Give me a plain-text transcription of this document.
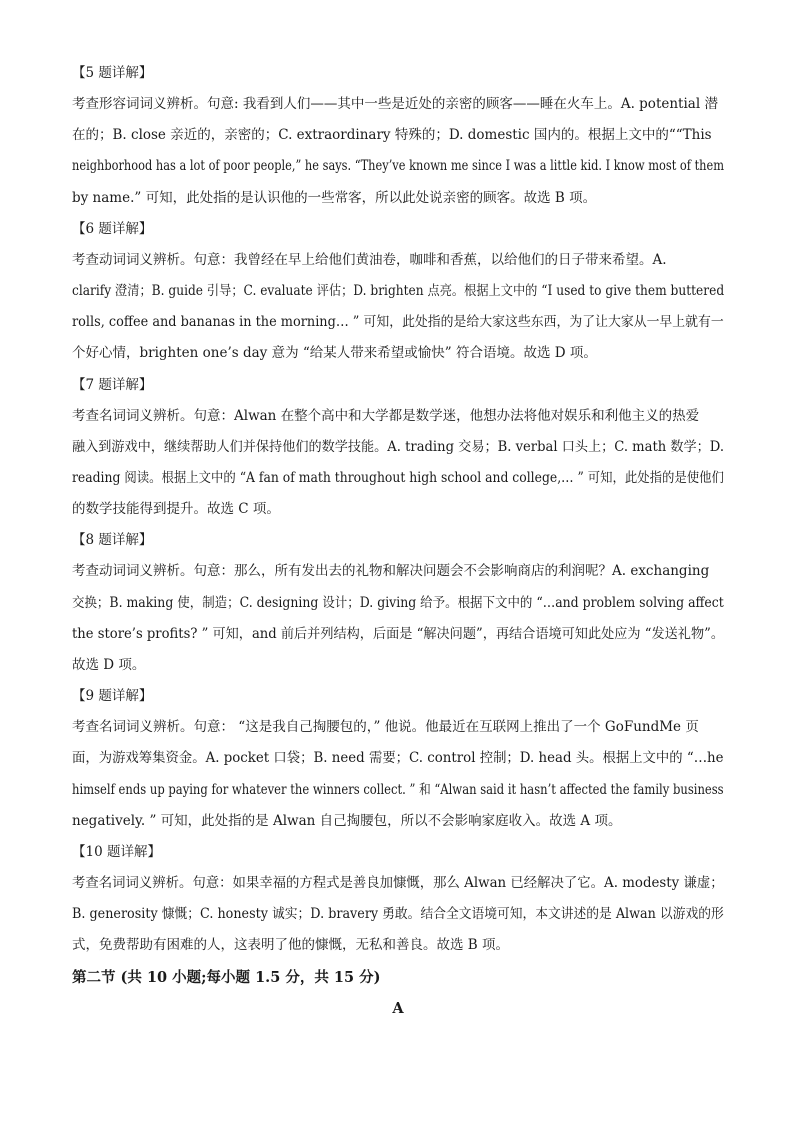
【5 题详解】

考查形容词词义辨析。句意: 我看到人们——其中一些是近处的亲密的顾客——睡在火车上。A. potential 潜
在的；B. close 亲近的，亲密的；C. extraordinary 特殊的；D. domestic 国内的。根据上文中的““This
neighborhood has a lot of poor people,” he says. “They’ve known me since I was a little kid. I know most of them
by name.” 可知，此处指的是认识他的一些常客，所以此处说亲密的顾客。故选 B 项。

【6 题详解】

考查动词词义辨析。句意：我曾经在早上给他们黄油卷，咖啡和香蕉，以给他们的日子带来希望。A.
clarify 澄清；B. guide 引导；C. evaluate 评估；D. brighten 点亮。根据上文中的 “I used to give them buttered
rolls, coffee and bananas in the morning… ” 可知，此处指的是给大家这些东西，为了让大家从一早上就有一
个好心情，brighten one’s day 意为 “给某人带来希望或愉快” 符合语境。故选 D 项。

【7 题详解】

考查名词词义辨析。句意：Alwan 在整个高中和大学都是数学迷，他想办法将他对娱乐和利他主义的热爱
融入到游戏中，继续帮助人们并保持他们的数学技能。A. trading 交易；B. verbal 口头上；C. math 数学；D.
reading 阅读。根据上文中的 “A fan of math throughout high school and college,… ” 可知，此处指的是使他们
的数学技能得到提升。故选 C 项。

【8 题详解】

考查动词词义辨析。句意：那么，所有发出去的礼物和解决问题会不会影响商店的利润呢？A. exchanging
交换；B. making 使，制造；C. designing 设计；D. giving 给予。根据下文中的 “…and problem solving affect
the store’s profits? ” 可知，and 前后并列结构，后面是 “解决问题”，再结合语境可知此处应为 “发送礼物”。
故选 D 项。

【9 题详解】

考查名词词义辨析。句意： “这是我自己掏腰包的，” 他说。他最近在互联网上推出了一个 GoFundMe 页
面，为游戏筹集资金。A. pocket 口袋；B. need 需要；C. control 控制；D. head 头。根据上文中的 “…he
himself ends up paying for whatever the winners collect. ” 和 “Alwan said it hasn’t affected the family business
negatively. ” 可知，此处指的是 Alwan 自己掏腰包，所以不会影响家庭收入。故选 A 项。

【10 题详解】

考查名词词义辨析。句意：如果幸福的方程式是善良加慷慨，那么 Alwan 已经解决了它。A. modesty 谦虚；
B. generosity 慷慨；C. honesty 诚实；D. bravery 勇敢。结合全文语境可知，本文讲述的是 Alwan 以游戏的形
式，免费帮助有困难的人，这表明了他的慷慨，无私和善良。故选 B 项。

第二节 (共 10 小题;每小题 1.5 分，共 15 分)

A
